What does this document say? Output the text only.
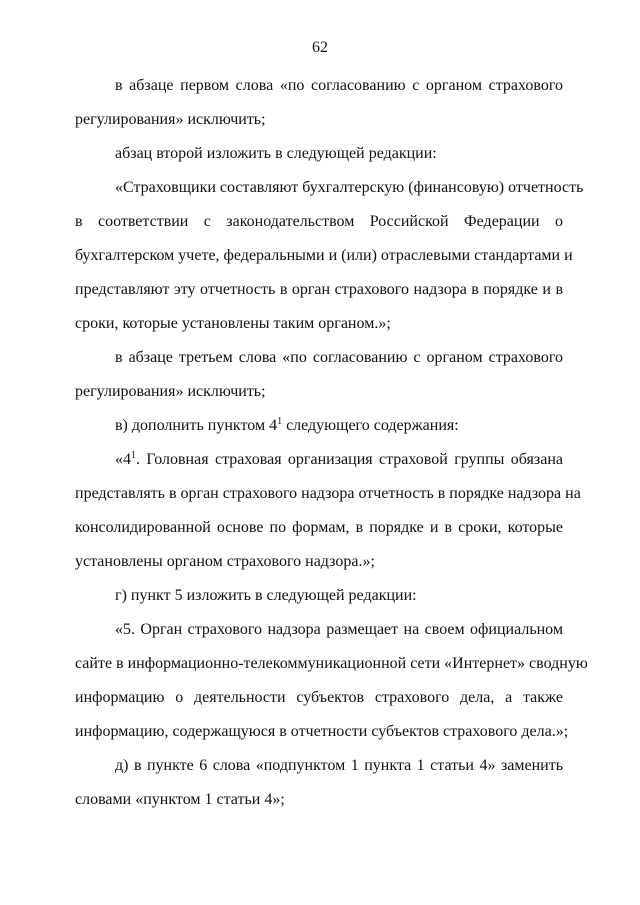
62
в абзаце первом слова «по согласованию с органом страхового
регулирования» исключить;
абзац второй изложить в следующей редакции:
«Страховщики составляют бухгалтерскую (финансовую) отчетность
в соответствии с законодательством Российской Федерации о
бухгалтерском учете, федеральными и (или) отраслевыми стандартами и
представляют эту отчетность в орган страхового надзора в порядке и в
сроки, которые установлены таким органом.»;
в абзаце третьем слова «по согласованию с органом страхового
регулирования» исключить;
в) дополнить пунктом $4^1$ следующего содержания:
«$4^1$. Головная страховая организация страховой группы обязана
представлять в орган страхового надзора отчетность в порядке надзора на
консолидированной основе по формам, в порядке и в сроки, которые
установлены органом страхового надзора.»;
г) пункт 5 изложить в следующей редакции:
«5. Орган страхового надзора размещает на своем официальном
сайте в информационно-телекоммуникационной сети «Интернет» сводную
информацию о деятельности субъектов страхового дела, а также
информацию, содержащуюся в отчетности субъектов страхового дела.»;
д) в пункте 6 слова «подпунктом 1 пункта 1 статьи 4» заменить
словами «пунктом 1 статьи 4»;
